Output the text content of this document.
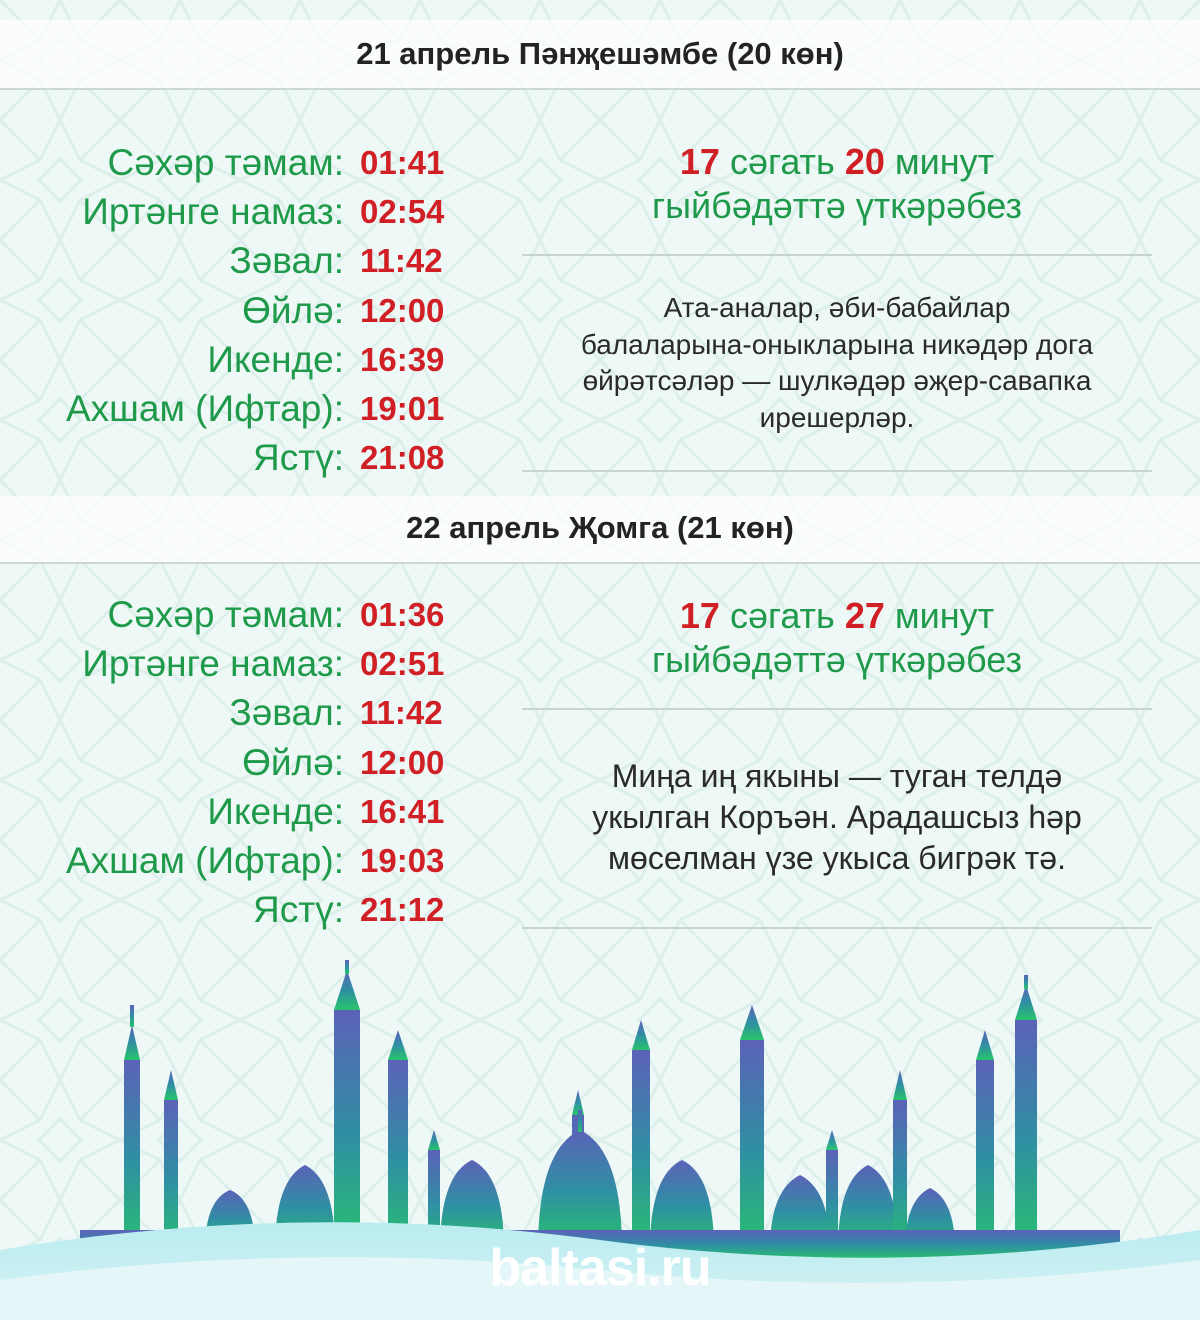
21 апрель Пәнҗешәмбе (20 көн)
Сәхәр тәмам: 01:41
Иртәнге намаз: 02:54
Зәвал: 11:42
Өйлә: 12:00
Икенде: 16:39
Ахшам (Ифтар): 19:01
Ястү: 21:08
17 сәгать 20 минут
гыйбәдәттә үткәрәбез
Ата-аналар, әби-бабайлар
балаларына-оныкларына никәдәр дога
өйрәтсәләр — шулкәдәр әҗер-савапка
ирешерләр.
22 апрель Җомга (21 көн)
Сәхәр тәмам: 01:36
Иртәнге намаз: 02:51
Зәвал: 11:42
Өйлә: 12:00
Икенде: 16:41
Ахшам (Ифтар): 19:03
Ястү: 21:12
17 сәгать 27 минут
гыйбәдәттә үткәрәбез
Миңа иң якыны — туган телдә
укылган Коръән. Арадашсыз һәр
мөселман үзе укыса бигрәк тә.
baltasi.ru
